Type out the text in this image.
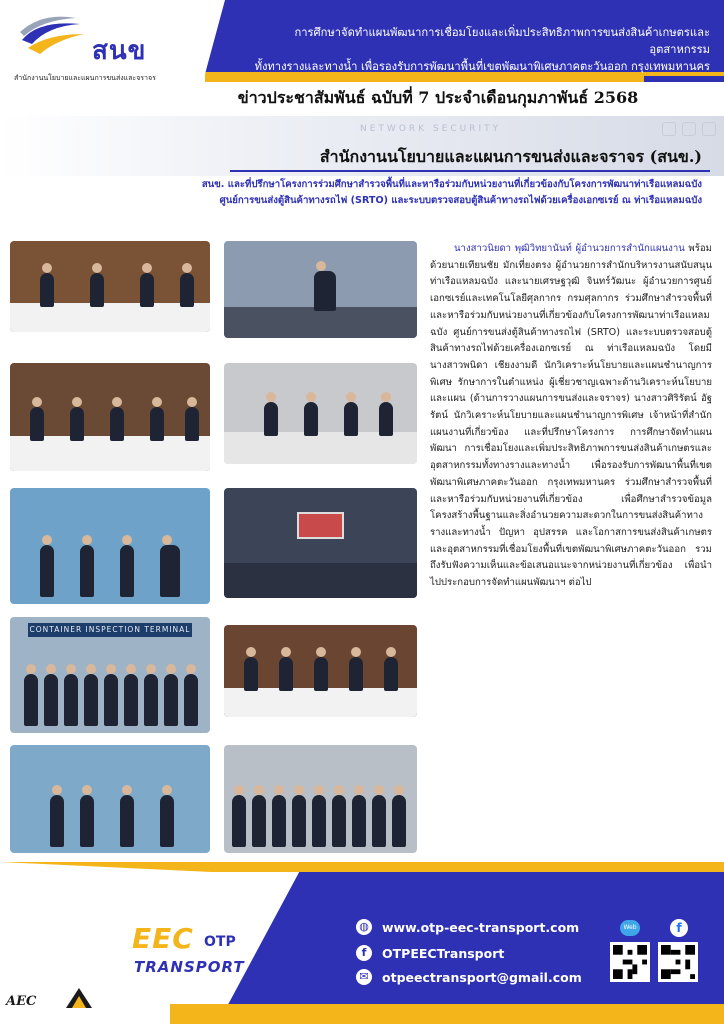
สนข
สำนักงานนโยบายและแผนการขนส่งและจราจร
การศึกษาจัดทำแผนพัฒนาการเชื่อมโยงและเพิ่มประสิทธิภาพการขนส่งสินค้าเกษตรและอุตสาหกรรม
ทั้งทางรางและทางน้ำ เพื่อรองรับการพัฒนาพื้นที่เขตพัฒนาพิเศษภาคตะวันออก กรุงเทพมหานคร
ข่าวประชาสัมพันธ์ ฉบับที่ 7 ประจำเดือนกุมภาพันธ์ 2568
NETWORK SECURITY
สำนักงานนโยบายและแผนการขนส่งและจราจร (สนข.)
สนข. และที่ปรึกษาโครงการร่วมศึกษาสำรวจพื้นที่และหารือร่วมกับหน่วยงานที่เกี่ยวข้องกับโครงการพัฒนาท่าเรือแหลมฉบัง
ศูนย์การขนส่งตู้สินค้าทางรถไฟ (SRTO) และระบบตรวจสอบตู้สินค้าทางรถไฟด้วยเครื่องเอกซเรย์ ณ ท่าเรือแหลมฉบัง
CONTAINER INSPECTION TERMINAL
นางสาวนิยดา พุฒิวิทยานันท์ ผู้อำนวยการสำนักแผนงาน พร้อมด้วยนายเทียนชัย มักเที่ยงตรง ผู้อำนวยการสำนักบริหารงานสนับสนุน ท่าเรือแหลมฉบัง และนายเศรษฐวุฒิ จินทร์วัฒนะ ผู้อำนวยการศูนย์เอกซเรย์และเทคโนโลยีศุลกากร กรมศุลกากร ร่วมศึกษาสำรวจพื้นที่และหารือร่วมกับหน่วยงานที่เกี่ยวข้องกับโครงการพัฒนาท่าเรือแหลมฉบัง ศูนย์การขนส่งตู้สินค้าทางรถไฟ (SRTO) และระบบตรวจสอบตู้สินค้าทางรถไฟด้วยเครื่องเอกซเรย์ ณ ท่าเรือแหลมฉบัง โดยมีนางสาวพนิดา เชียงงามดี นักวิเคราะห์นโยบายและแผนชำนาญการพิเศษ รักษาการในตำแหน่ง ผู้เชี่ยวชาญเฉพาะด้านวิเคราะห์นโยบายและแผน (ด้านการวางแผนการขนส่งและจราจร) นางสาวศิริรัตน์ อัฐรัตน์ นักวิเคราะห์นโยบายและแผนชำนาญการพิเศษ เจ้าหน้าที่สำนักแผนงานที่เกี่ยวข้อง และที่ปรึกษาโครงการ การศึกษาจัดทำแผนพัฒนา การเชื่อมโยงและเพิ่มประสิทธิภาพการขนส่งสินค้าเกษตรและอุตสาหกรรมทั้งทางรางและทางน้ำ เพื่อรองรับการพัฒนาพื้นที่เขตพัฒนาพิเศษภาคตะวันออก กรุงเทพมหานคร ร่วมศึกษาสำรวจพื้นที่และหารือร่วมกับหน่วยงานที่เกี่ยวข้อง เพื่อศึกษาสำรวจข้อมูลโครงสร้างพื้นฐานและสิ่งอำนวยความสะดวกในการขนส่งสินค้าทางรางและทางน้ำ ปัญหา อุปสรรค และโอกาสการขนส่งสินค้าเกษตรและอุตสาหกรรมที่เชื่อมโยงพื้นที่เขตพัฒนาพิเศษภาคตะวันออก รวมถึงรับฟังความเห็นและข้อเสนอแนะจากหน่วยงานที่เกี่ยวข้อง เพื่อนำไปประกอบการจัดทำแผนพัฒนาฯ ต่อไป
EEC OTP
TRANSPORT
AEC
◍ www.otp-eec-transport.com
f	OTPEECTransport
✉ otpeectransport@gmail.com
Web	f
